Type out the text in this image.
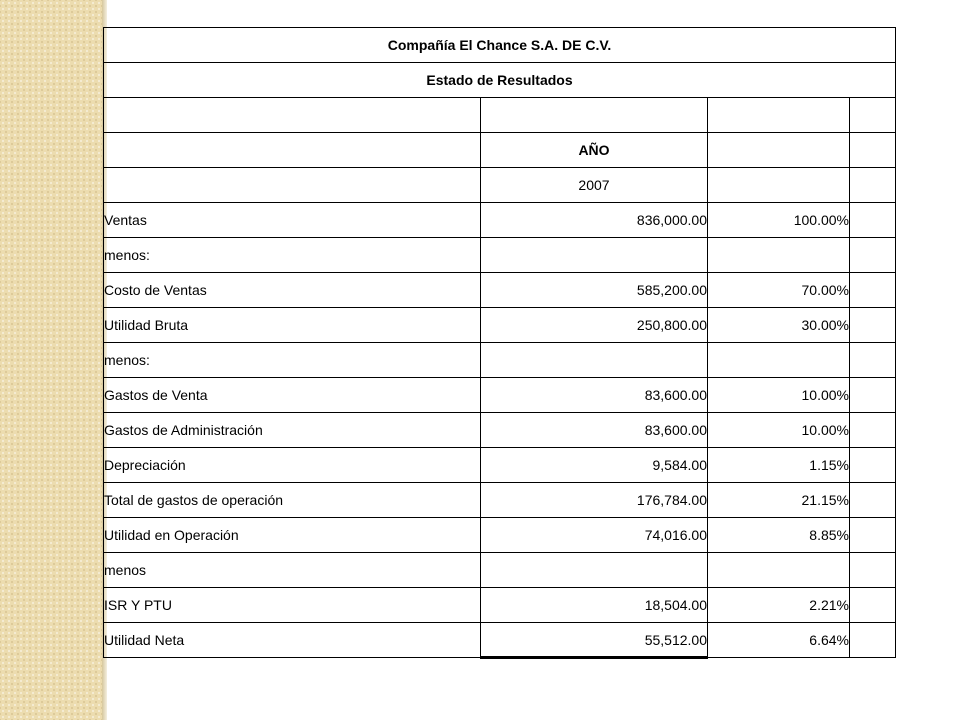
Compañía El Chance S.A. DE C.V.			
Estado de Resultados			

	AÑO		
	2007		
Ventas	836,000.00	100.00%	
menos:			
Costo de Ventas	585,200.00	70.00%	
Utilidad Bruta	250,800.00	30.00%	
menos:			
Gastos de Venta	83,600.00	10.00%	
Gastos de Administración	83,600.00	10.00%	
Depreciación	9,584.00	1.15%	
Total de gastos de operación	176,784.00	21.15%	
Utilidad en Operación	74,016.00	8.85%	
menos			
ISR Y PTU	18,504.00	2.21%	
Utilidad Neta	55,512.00	6.64%	
